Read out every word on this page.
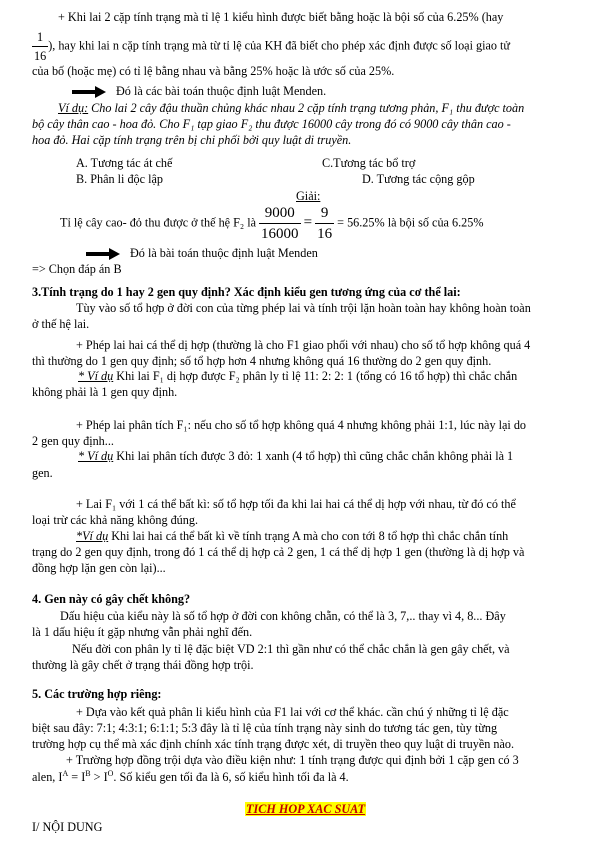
+ Khi lai 2 cặp tính trạng mà tỉ lệ 1 kiểu hình được biết bằng hoặc là bội số của 6.25% (hay
$\frac{1}{16}$ ), hay khi lai n cặp tính trạng mà từ tỉ lệ của KH đã biết cho phép xác định được số loại giao tử
của bố (hoặc mẹ) có tỉ lệ bằng nhau và bằng 25% hoặc là ước số của 25%.
Đó là các bài toán thuộc định luật Menden.
Ví dụ: Cho lai 2 cây đậu thuần chủng khác nhau 2 cặp tính trạng tương phản, F₁ thu được toàn
bộ cây thân cao - hoa đỏ. Cho F₁ tạp giao F₂ thu được 16000 cây trong đó có 9000 cây thân cao -
hoa đỏ. Hai cặp tính trạng trên bị chi phối bởi quy luật di truyền.
A. Tương tác át chế	C.Tương tác bổ trợ
B. Phân li độc lập	D. Tương tác cộng gộp
Giải:
Tỉ lệ cây cao- đỏ thu được ở thế hệ F₂ là $\frac{9000}{16000} = \frac{9}{16} = 56.25\%$ là bội số của 6.25%
Đó là bài toán thuộc định luật Menden
=> Chọn đáp án B
3.Tính trạng do 1 hay 2 gen quy định? Xác định kiểu gen tương ứng của cơ thể lai:
Tùy vào số tổ hợp ở đời con của từng phép lai và tính trội lặn hoàn toàn hay không hoàn toàn
ở thế hệ lai.
+ Phép lai hai cá thể dị hợp (thường là cho F1 giao phối với nhau) cho số tổ hợp không quá 4
thì thường do 1 gen quy định; số tổ hợp hơn 4 nhưng không quá 16 thường do 2 gen quy định.
* Ví dụ Khi lai F₁ dị hợp được F₂ phân ly tỉ lệ 11: 2: 2: 1 (tổng có 16 tổ hợp) thì chắc chắn
không phải là 1 gen quy định.
+ Phép lai phân tích F₁: nếu cho số tổ hợp không quá 4 nhưng không phải 1:1, lúc này lại do
2 gen quy định...
* Ví dụ Khi lai phân tích được 3 đỏ: 1 xanh (4 tổ hợp) thì cũng chắc chắn không phải là 1
gen.
+ Lai F₁ với 1 cá thể bất kì: số tổ hợp tối đa khi lai hai cá thể dị hợp với nhau, từ đó có thể
loại trừ các khả năng không đúng.
*Ví dụ Khi lai hai cá thể bất kì về tính trạng A mà cho con tới 8 tổ hợp thì chắc chắn tính
trạng do 2 gen quy định, trong đó 1 cá thể dị hợp cả 2 gen, 1 cá thể dị hợp 1 gen (thường là dị hợp và
đồng hợp lặn gen còn lại)...
4. Gen này có gây chết không?
Dấu hiệu của kiểu này là số tổ hợp ở đời con không chẵn, có thể là 3, 7,.. thay vì 4, 8... Đây
là 1 dấu hiệu ít gặp nhưng vẫn phải nghĩ đến.
Nếu đời con phân ly tỉ lệ đặc biệt VD 2:1 thì gần như có thể chắc chắn là gen gây chết, và
thường là gây chết ở trạng thái đồng hợp trội.
5. Các trường hợp riêng:
+ Dựa vào kết quả phân li kiểu hình của F1 lai với cơ thể khác. cần chú ý những tỉ lệ đặc
biệt sau đây: 7:1; 4:3:1; 6:1:1; 5:3 đây là tỉ lệ của tính trạng này sinh do tương tác gen, tùy từng
trường hợp cụ thể mà xác định chính xác tính trạng được xét, di truyền theo quy luật di truyền nào.
+ Trường hợp đồng trội dựa vào điều kiện như: 1 tính trạng được qui định bởi 1 cặp gen có 3
alen, $I^A = I^B > I^O$. Số kiểu gen tối đa là 6, số kiểu hình tối đa là 4.
TICH HOP XAC SUAT
I/ NỘI DUNG
